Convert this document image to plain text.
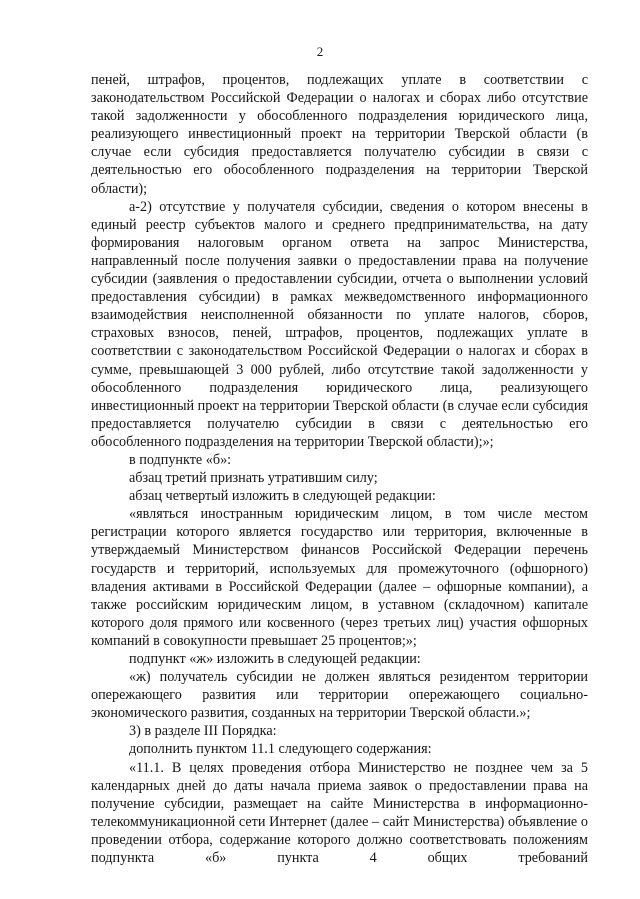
2

пеней, штрафов, процентов, подлежащих уплате в соответствии с законодательством Российской Федерации о налогах и сборах либо отсутствие такой задолженности у обособленного подразделения юридического лица, реализующего инвестиционный проект на территории Тверской области (в случае если субсидия предоставляется получателю субсидии в связи с деятельностью его обособленного подразделения на территории Тверской области);

а-2) отсутствие у получателя субсидии, сведения о котором внесены в единый реестр субъектов малого и среднего предпринимательства, на дату формирования налоговым органом ответа на запрос Министерства, направленный после получения заявки о предоставлении права на получение субсидии (заявления о предоставлении субсидии, отчета о выполнении условий предоставления субсидии) в рамках межведомственного информационного взаимодействия неисполненной обязанности по уплате налогов, сборов, страховых взносов, пеней, штрафов, процентов, подлежащих уплате в соответствии с законодательством Российской Федерации о налогах и сборах в сумме, превышающей 3 000 рублей, либо отсутствие такой задолженности у обособленного подразделения юридического лица, реализующего инвестиционный проект на территории Тверской области (в случае если субсидия предоставляется получателю субсидии в связи с деятельностью его обособленного подразделения на территории Тверской области);»;

в подпункте «б»:

абзац третий признать утратившим силу;

абзац четвертый изложить в следующей редакции:

«являться иностранным юридическим лицом, в том числе местом регистрации которого является государство или территория, включенные в утверждаемый Министерством финансов Российской Федерации перечень государств и территорий, используемых для промежуточного (офшорного) владения активами в Российской Федерации (далее – офшорные компании), а также российским юридическим лицом, в уставном (складочном) капитале которого доля прямого или косвенного (через третьих лиц) участия офшорных компаний в совокупности превышает 25 процентов;»;

подпункт «ж» изложить в следующей редакции:

«ж) получатель субсидии не должен являться резидентом территории опережающего развития или территории опережающего социально-экономического развития, созданных на территории Тверской области.»;

3) в разделе III Порядка:

дополнить пунктом 11.1 следующего содержания:

«11.1. В целях проведения отбора Министерство не позднее чем за 5 календарных дней до даты начала приема заявок о предоставлении права на получение субсидии, размещает на сайте Министерства в информационно-телекоммуникационной сети Интернет (далее – сайт Министерства) объявление о проведении отбора, содержание которого должно соответствовать положениям подпункта «б» пункта 4 общих требований
